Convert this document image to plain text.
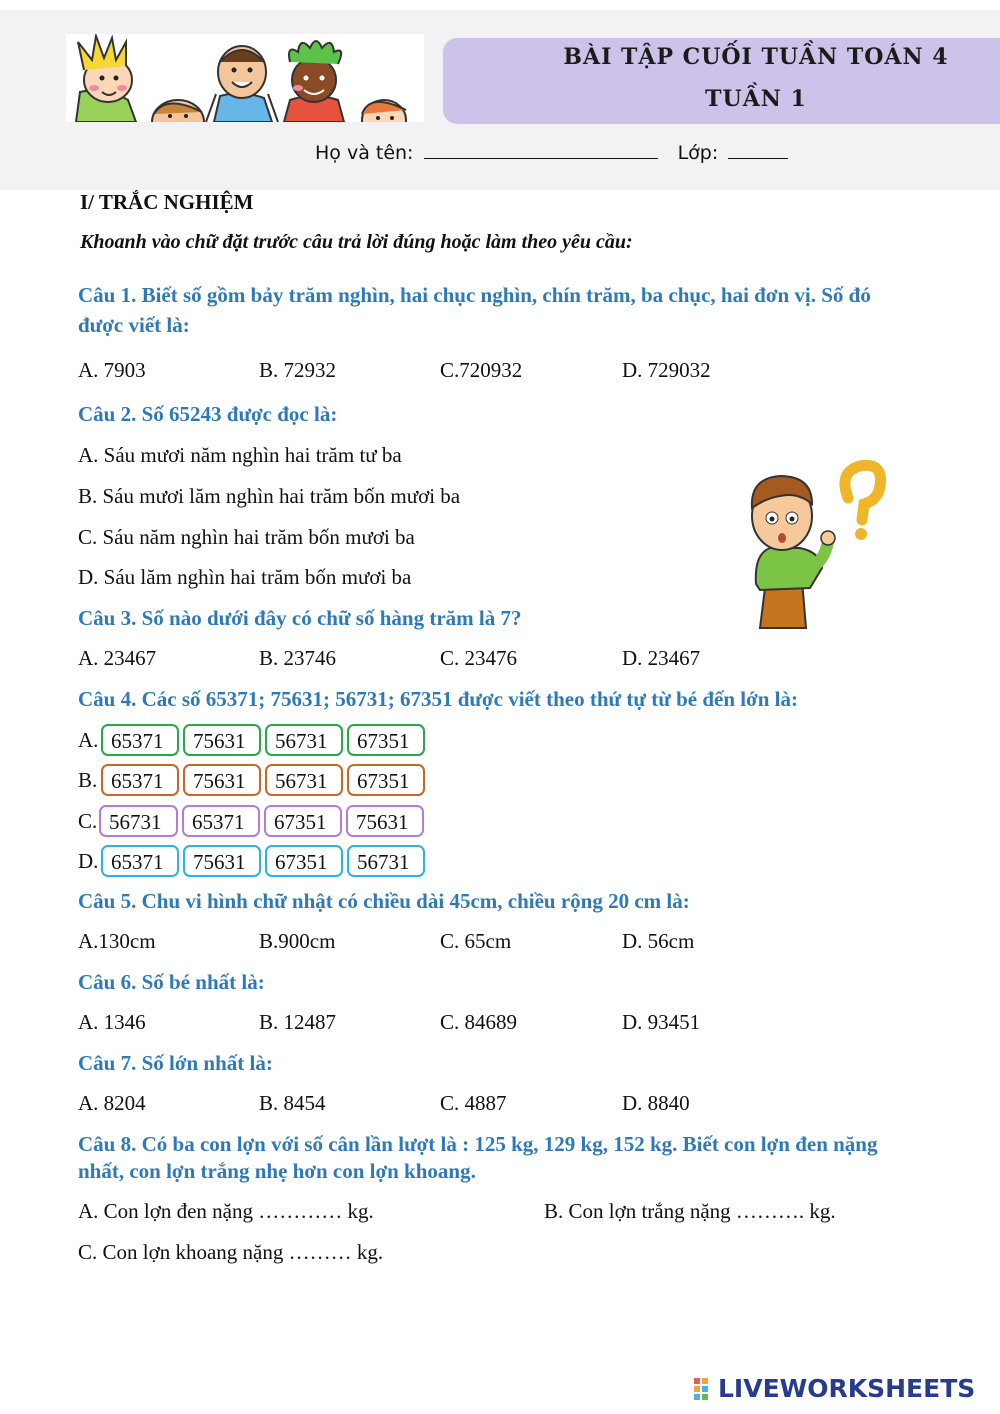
BÀI TẬP CUỐI TUẦN TOÁN 4
TUẦN 1
Họ và tên:	Lớp:
I/ TRẮC NGHIỆM
Khoanh vào chữ đặt trước câu trả lời đúng hoặc làm theo yêu cầu:
Câu 1. Biết số gồm bảy trăm nghìn, hai chục nghìn, chín trăm, ba chục, hai đơn vị. Số đó
được viết là:
A. 7903	B. 72932	C.720932	D. 729032
Câu 2. Số 65243 được đọc là:
A. Sáu mươi năm nghìn hai trăm tư ba
B. Sáu mươi lăm nghìn hai trăm bốn mươi ba
C. Sáu năm nghìn hai trăm bốn mươi ba
D. Sáu lăm nghìn hai trăm bốn mươi ba
Câu 3. Số nào dưới đây có chữ số hàng trăm là 7?
A. 23467	B. 23746	C. 23476	D. 23467
Câu 4. Các số 65371; 75631; 56731; 67351 được viết theo thứ tự từ bé đến lớn là:
A. 65371	75631	56731	67351
B. 65371	75631	56731	67351
C. 56731	65371	67351	75631
D. 65371	75631	67351	56731
Câu 5. Chu vi hình chữ nhật có chiều dài 45cm, chiều rộng 20 cm là:
A.130cm	B.900cm	C. 65cm	D. 56cm
Câu 6. Số bé nhất là:
A. 1346	B. 12487	C. 84689	D. 93451
Câu 7. Số lớn nhất là:
A. 8204	B. 8454	C. 4887	D. 8840
Câu 8. Có ba con lợn với số cân lần lượt là : 125 kg, 129 kg, 152 kg. Biết con lợn đen nặng
nhất, con lợn trắng nhẹ hơn con lợn khoang.
A. Con lợn đen nặng ………… kg.	B. Con lợn trắng nặng ………. kg.
C. Con lợn khoang nặng ……… kg.
LIVEWORKSHEETS
